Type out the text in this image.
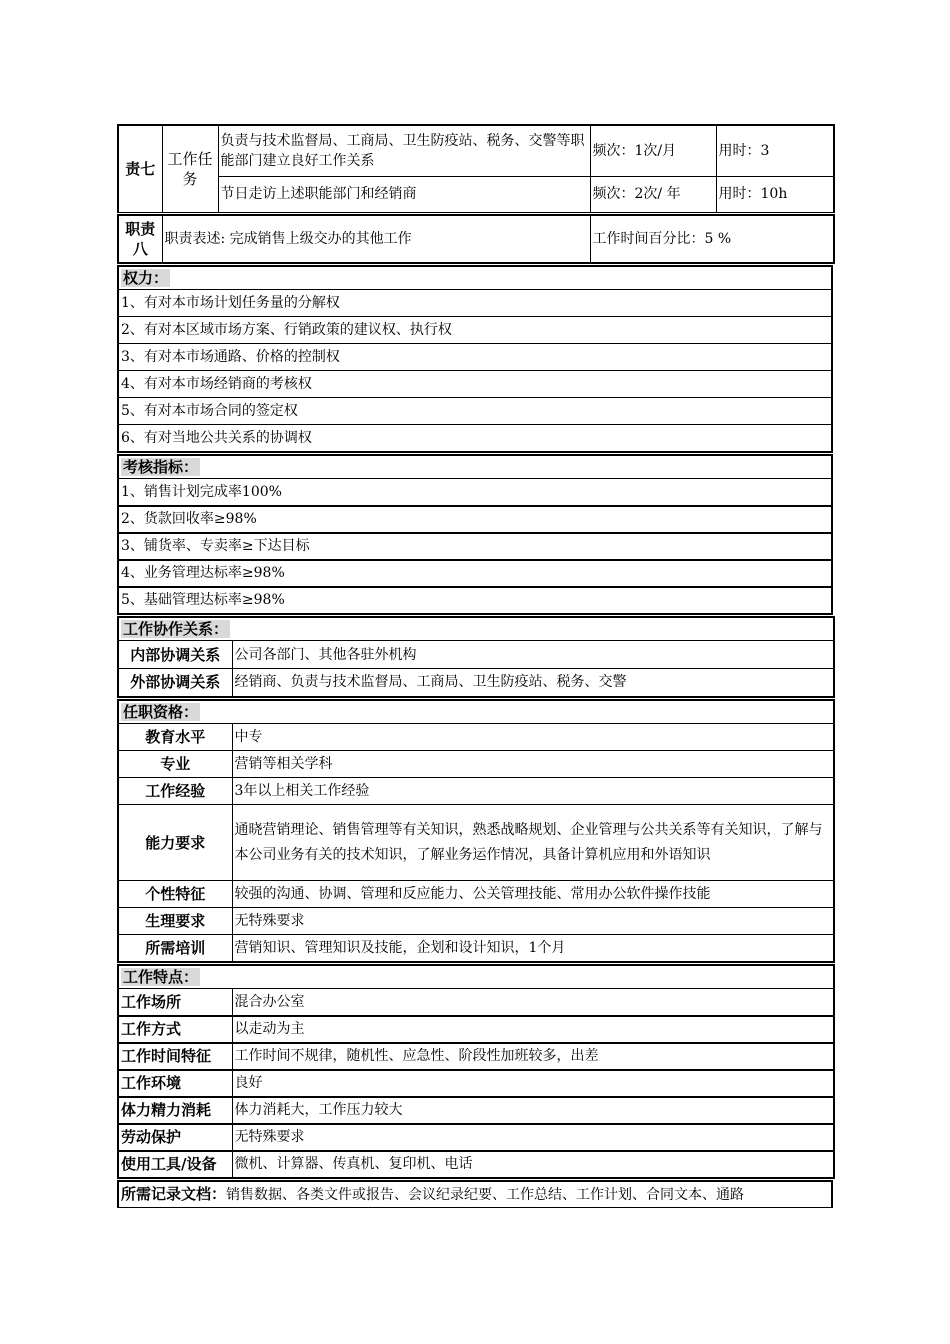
责七	工作任务	负责与技术监督局、工商局、卫生防疫站、税务、交警等职能部门建立良好工作关系	频次：1次/月	用时：3
		节日走访上述职能部门和经销商	频次：2次/ 年	用时：10h
职责八	职责表述: 完成销售上级交办的其他工作	工作时间百分比：5 %
权力：
1、有对本市场计划任务量的分解权
2、有对本区域市场方案、行销政策的建议权、执行权
3、有对本市场通路、价格的控制权
4、有对本市场经销商的考核权
5、有对本市场合同的签定权
6、有对当地公共关系的协调权
考核指标：
1、销售计划完成率100%
2、货款回收率≥98%
3、铺货率、专卖率≥下达目标
4、业务管理达标率≥98%
5、基础管理达标率≥98%
工作协作关系：	
内部协调关系	公司各部门、其他各驻外机构
外部协调关系	经销商、负责与技术监督局、工商局、卫生防疫站、税务、交警
任职资格：	
教育水平	中专
专业	营销等相关学科
工作经验	3年以上相关工作经验
能力要求	通晓营销理论、销售管理等有关知识，熟悉战略规划、企业管理与公共关系等有关知识，了解与本公司业务有关的技术知识，了解业务运作情况，具备计算机应用和外语知识
个性特征	较强的沟通、协调、管理和反应能力、公关管理技能、常用办公软件操作技能
生理要求	无特殊要求
所需培训	营销知识、管理知识及技能，企划和设计知识，1个月
工作特点：	
工作场所	混合办公室
工作方式	以走动为主
工作时间特征	工作时间不规律，随机性、应急性、阶段性加班较多，出差
工作环境	良好
体力精力消耗	体力消耗大，工作压力较大
劳动保护	无特殊要求
使用工具/设备	微机、计算器、传真机、复印机、电话
所需记录文档：销售数据、各类文件或报告、会议纪录纪要、工作总结、工作计划、合同文本、通路
